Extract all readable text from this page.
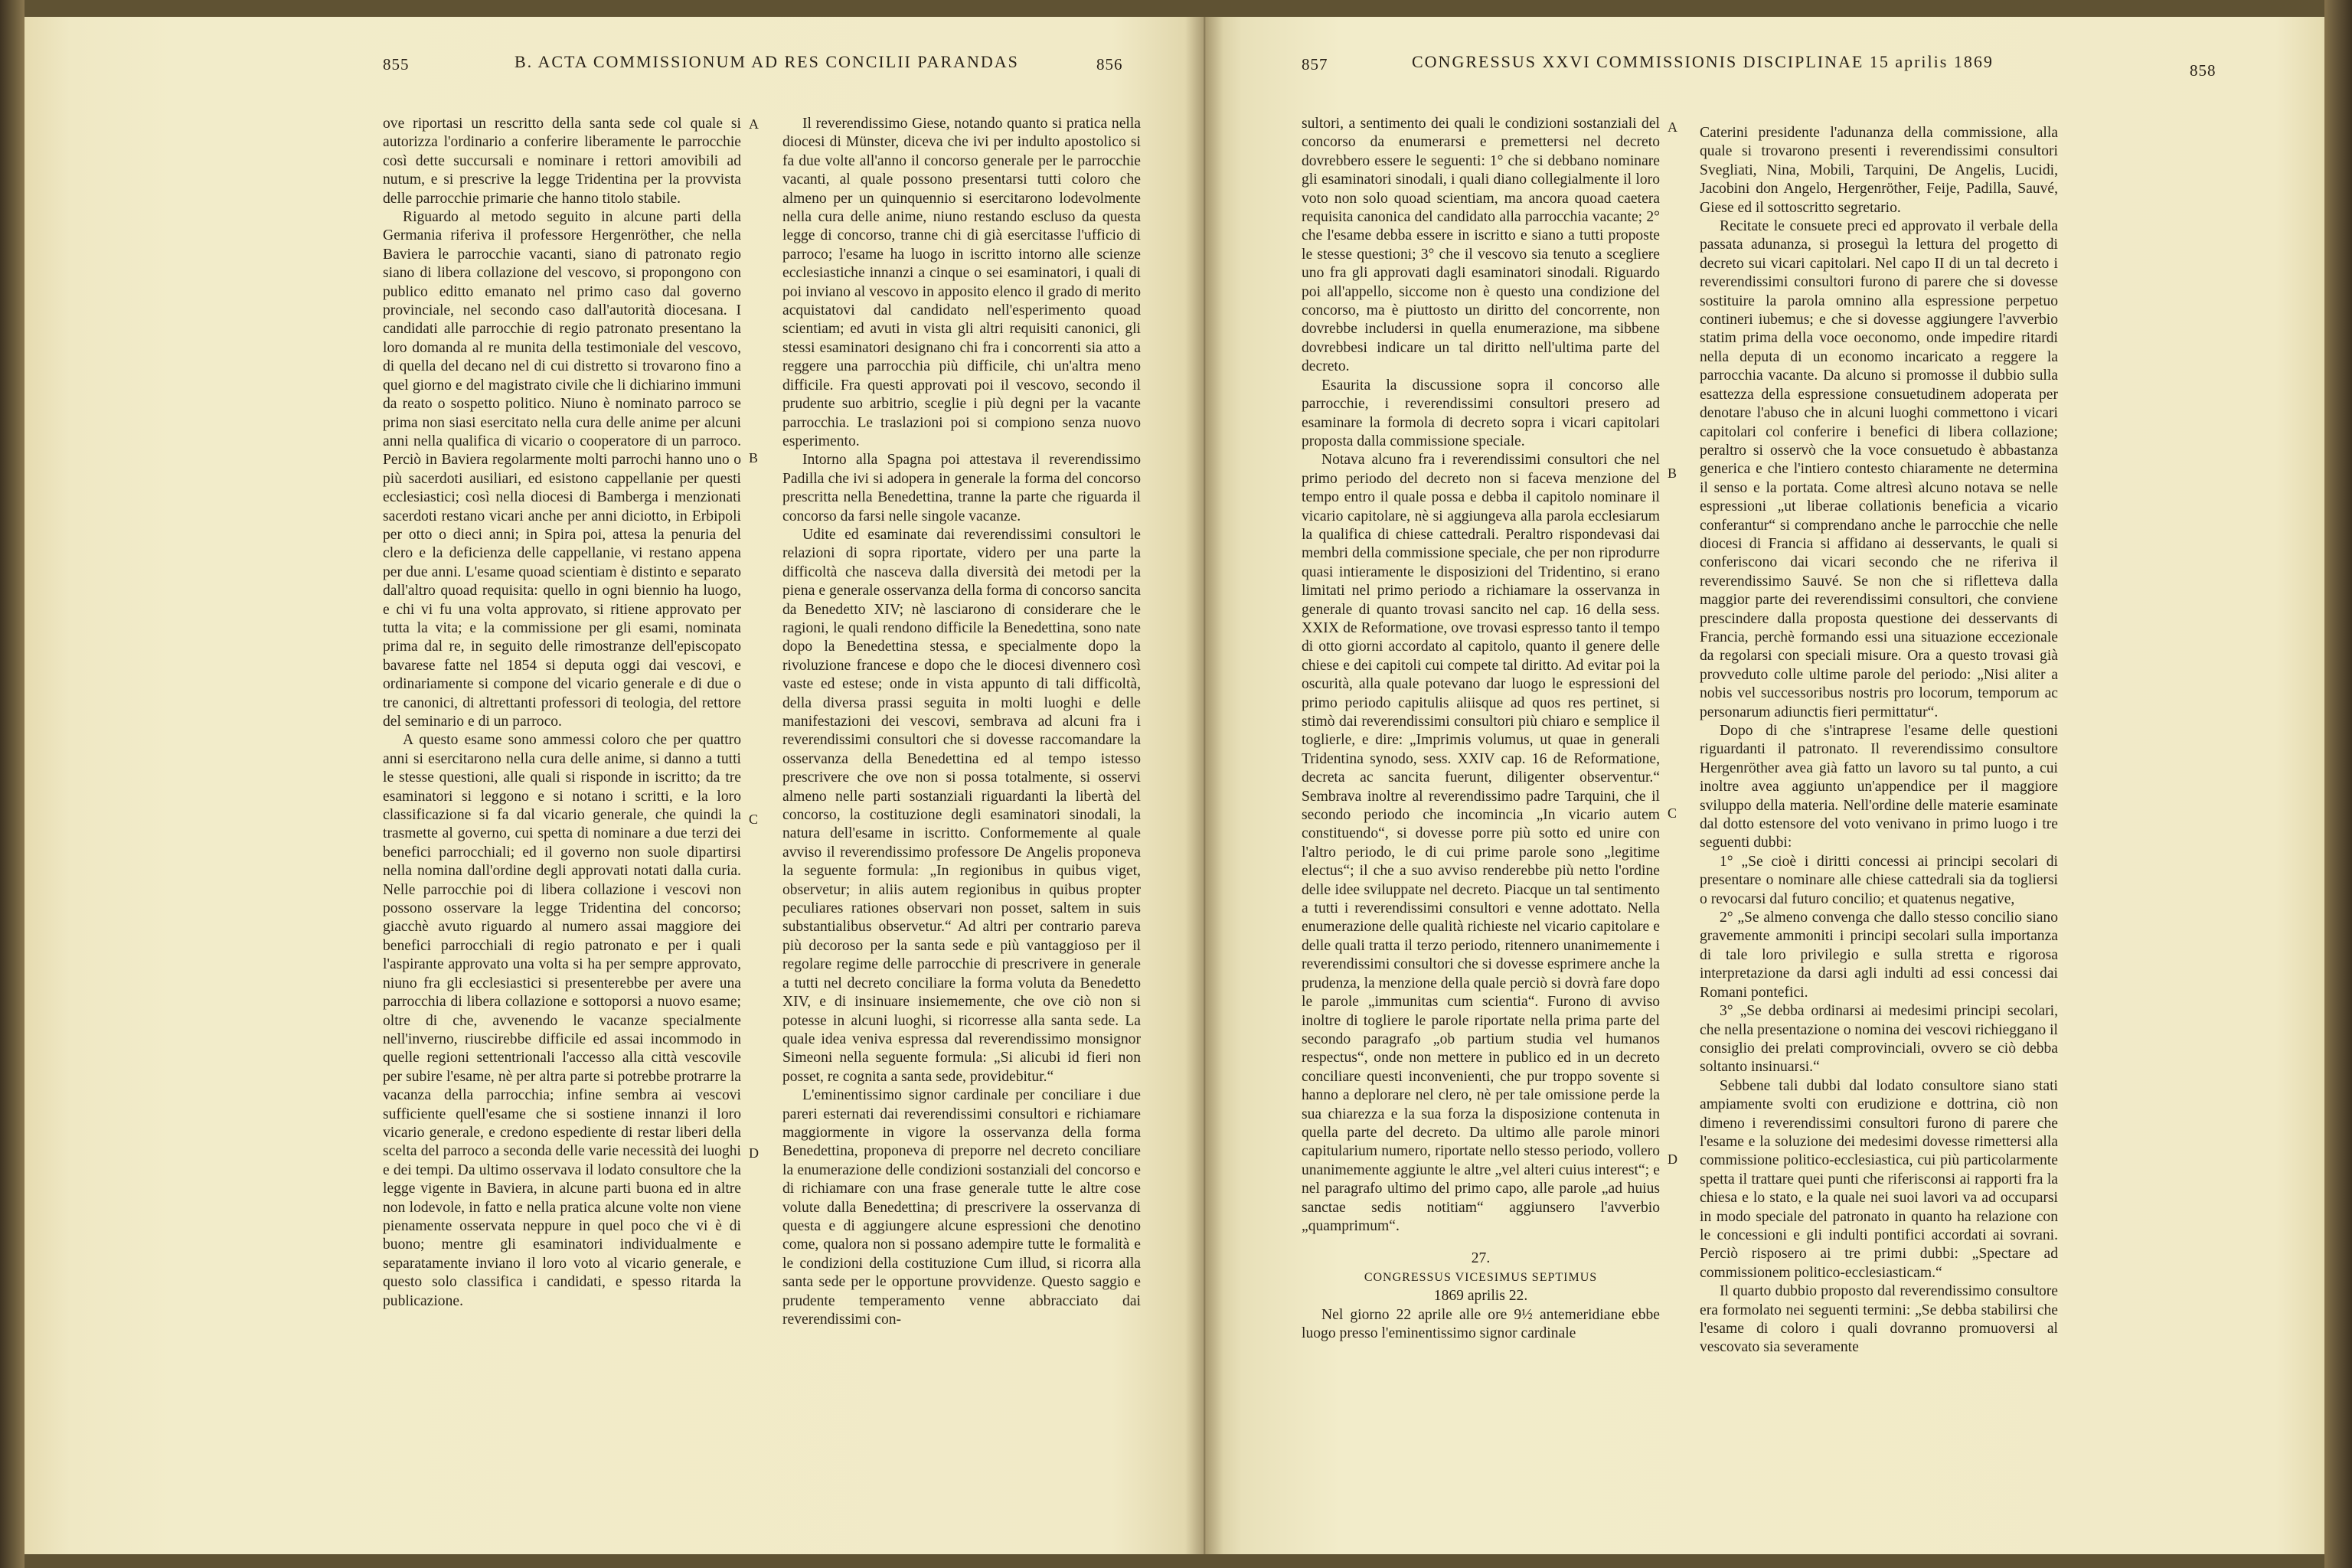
855	B. ACTA COMMISSIONUM AD RES CONCILII PARANDAS	856

ove riportasi un rescritto della santa sede col quale si autorizza l'ordinario a conferire liberamente le parrocchie così dette succursali e nominare i rettori amovibili ad nutum, e si prescrive la legge Tridentina per la provvista delle parrocchie primarie che hanno titolo stabile.

Riguardo al metodo seguito in alcune parti della Germania riferiva il professore Hergenröther, che nella Baviera le parrocchie vacanti, siano di patronato regio siano di libera collazione del vescovo, si propongono con publico editto emanato nel primo caso dal governo provinciale, nel secondo caso dall'autorità diocesana. I candidati alle parrocchie di regio patronato presentano la loro domanda al re munita della testimoniale del vescovo, di quella del decano nel di cui distretto si trovarono fino a quel giorno e del magistrato civile che li dichiarino immuni da reato o sospetto politico. Niuno è nominato parroco se prima non siasi esercitato nella cura delle anime per alcuni anni nella qualifica di vicario o cooperatore di un parroco. Perciò in Baviera regolarmente molti parrochi hanno uno o più sacerdoti ausiliari, ed esistono cappellanie per questi ecclesiastici; così nella diocesi di Bamberga i menzionati sacerdoti restano vicari anche per anni diciotto, in Erbipoli per otto o dieci anni; in Spira poi, attesa la penuria del clero e la deficienza delle cappellanie, vi restano appena per due anni. L'esame quoad scientiam è distinto e separato dall'altro quoad requisita: quello in ogni biennio ha luogo, e chi vi fu una volta approvato, si ritiene approvato per tutta la vita; e la commissione per gli esami, nominata prima dal re, in seguito delle rimostranze dell'episcopato bavarese fatte nel 1854 si deputa oggi dai vescovi, e ordinariamente si compone del vicario generale e di due o tre canonici, di altrettanti professori di teologia, del rettore del seminario e di un parroco.

A questo esame sono ammessi coloro che per quattro anni si esercitarono nella cura delle anime, si danno a tutti le stesse questioni, alle quali si risponde in iscritto; da tre esaminatori si leggono e si notano i scritti, e la loro classificazione si fa dal vicario generale, che quindi la trasmette al governo, cui spetta di nominare a due terzi dei benefici parrocchiali; ed il governo non suole dipartirsi nella nomina dall'ordine degli approvati notati dalla curia. Nelle parrocchie poi di libera collazione i vescovi non possono osservare la legge Tridentina del concorso; giacchè avuto riguardo al numero assai maggiore dei benefici parrocchiali di regio patronato e per i quali l'aspirante approvato una volta si ha per sempre approvato, niuno fra gli ecclesiastici si presenterebbe per avere una parrocchia di libera collazione e sottoporsi a nuovo esame; oltre di che, avvenendo le vacanze specialmente nell'inverno, riuscirebbe difficile ed assai incommodo in quelle regioni settentrionali l'accesso alla città vescovile per subire l'esame, nè per altra parte si potrebbe protrarre la vacanza della parrocchia; infine sembra ai vescovi sufficiente quell'esame che si sostiene innanzi il loro vicario generale, e credono espediente di restar liberi della scelta del parroco a seconda delle varie necessità dei luoghi e dei tempi. Da ultimo osservava il lodato consultore che la legge vigente in Baviera, in alcune parti buona ed in altre non lodevole, in fatto e nella pratica alcune volte non viene pienamente osservata neppure in quel poco che vi è di buono; mentre gli esaminatori individualmente e separatamente inviano il loro voto al vicario generale, e questo solo classifica i candidati, e spesso ritarda la publicazione.

Il reverendissimo Giese, notando quanto si pratica nella diocesi di Münster, diceva che ivi per indulto apostolico si fa due volte all'anno il concorso generale per le parrocchie vacanti, al quale possono presentarsi tutti coloro che almeno per un quinquennio si esercitarono lodevolmente nella cura delle anime, niuno restando escluso da questa legge di concorso, tranne chi di già esercitasse l'ufficio di parroco; l'esame ha luogo in iscritto intorno alle scienze ecclesiastiche innanzi a cinque o sei esaminatori, i quali di poi inviano al vescovo in apposito elenco il grado di merito acquistatovi dal candidato nell'esperimento quoad scientiam; ed avuti in vista gli altri requisiti canonici, gli stessi esaminatori designano chi fra i concorrenti sia atto a reggere una parrocchia più difficile, chi un'altra meno difficile. Fra questi approvati poi il vescovo, secondo il prudente suo arbitrio, sceglie i più degni per la vacante parrocchia. Le traslazioni poi si compiono senza nuovo esperimento.

Intorno alla Spagna poi attestava il reverendissimo Padilla che ivi si adopera in generale la forma del concorso prescritta nella Benedettina, tranne la parte che riguarda il concorso da farsi nelle singole vacanze.

Udite ed esaminate dai reverendissimi consultori le relazioni di sopra riportate, videro per una parte la difficoltà che nasceva dalla diversità dei metodi per la piena e generale osservanza della forma di concorso sancita da Benedetto XIV; nè lasciarono di considerare che le ragioni, le quali rendono difficile la Benedettina, sono nate dopo la Benedettina stessa, e specialmente dopo la rivoluzione francese e dopo che le diocesi divennero così vaste ed estese; onde in vista appunto di tali difficoltà, della diversa prassi seguita in molti luoghi e delle manifestazioni dei vescovi, sembrava ad alcuni fra i reverendissimi consultori che si dovesse raccomandare la osservanza della Benedettina ed al tempo istesso prescrivere che ove non si possa totalmente, si osservi almeno nelle parti sostanziali riguardanti la libertà del concorso, la costituzione degli esaminatori sinodali, la natura dell'esame in iscritto. Conformemente al quale avviso il reverendissimo professore De Angelis proponeva la seguente formula: „In regionibus in quibus viget, observetur; in aliis autem regionibus in quibus propter peculiares rationes observari non posset, saltem in suis substantialibus observetur.“ Ad altri per contrario pareva più decoroso per la santa sede e più vantaggioso per il regolare regime delle parrocchie di prescrivere in generale a tutti nel decreto conciliare la forma voluta da Benedetto XIV, e di insinuare insiememente, che ove ciò non si potesse in alcuni luoghi, si ricorresse alla santa sede. La quale idea veniva espressa dal reverendissimo monsignor Simeoni nella seguente formula: „Si alicubi id fieri non posset, re cognita a santa sede, providebitur.“

L'eminentissimo signor cardinale per conciliare i due pareri esternati dai reverendissimi consultori e richiamare maggiormente in vigore la osservanza della forma Benedettina, proponeva di preporre nel decreto conciliare la enumerazione delle condizioni sostanziali del concorso e di richiamare con una frase generale tutte le altre cose volute dalla Benedettina; di prescrivere la osservanza di questa e di aggiungere alcune espressioni che denotino come, qualora non si possano adempire tutte le formalità e le condizioni della costituzione Cum illud, si ricorra alla santa sede per le opportune provvidenze. Questo saggio e prudente temperamento venne abbracciato dai reverendissimi con-

A
B
C
D
857	CONGRESSUS XXVI COMMISSIONIS DISCIPLINAE 15 aprilis 1869	858

sultori, a sentimento dei quali le condizioni sostanziali del concorso da enumerarsi e premettersi nel decreto dovrebbero essere le seguenti: 1° che si debbano nominare gli esaminatori sinodali, i quali diano collegialmente il loro voto non solo quoad scientiam, ma ancora quoad caetera requisita canonica del candidato alla parrocchia vacante; 2° che l'esame debba essere in iscritto e siano a tutti proposte le stesse questioni; 3° che il vescovo sia tenuto a scegliere uno fra gli approvati dagli esaminatori sinodali. Riguardo poi all'appello, siccome non è questo una condizione del concorso, ma è piuttosto un diritto del concorrente, non dovrebbe includersi in quella enumerazione, ma sibbene dovrebbesi indicare un tal diritto nell'ultima parte del decreto.

Esaurita la discussione sopra il concorso alle parrocchie, i reverendissimi consultori presero ad esaminare la formola di decreto sopra i vicari capitolari proposta dalla commissione speciale.

Notava alcuno fra i reverendissimi consultori che nel primo periodo del decreto non si faceva menzione del tempo entro il quale possa e debba il capitolo nominare il vicario capitolare, nè si aggiungeva alla parola ecclesiarum la qualifica di chiese cattedrali. Peraltro rispondevasi dai membri della commissione speciale, che per non riprodurre quasi intieramente le disposizioni del Tridentino, si erano limitati nel primo periodo a richiamare la osservanza in generale di quanto trovasi sancito nel cap. 16 della sess. XXIX de Reformatione, ove trovasi espresso tanto il tempo di otto giorni accordato al capitolo, quanto il genere delle chiese e dei capitoli cui compete tal diritto. Ad evitar poi la oscurità, alla quale potevano dar luogo le espressioni del primo periodo capitulis aliisque ad quos res pertinet, si stimò dai reverendissimi consultori più chiaro e semplice il toglierle, e dire: „Imprimis volumus, ut quae in generali Tridentina synodo, sess. XXIV cap. 16 de Reformatione, decreta ac sancita fuerunt, diligenter observentur.“ Sembrava inoltre al reverendissimo padre Tarquini, che il secondo periodo che incomincia „In vicario autem constituendo“, si dovesse porre più sotto ed unire con l'altro periodo, le di cui prime parole sono „legitime electus“; il che a suo avviso renderebbe più netto l'ordine delle idee sviluppate nel decreto. Piacque un tal sentimento a tutti i reverendissimi consultori e venne adottato. Nella enumerazione delle qualità richieste nel vicario capitolare e delle quali tratta il terzo periodo, ritennero unanimemente i reverendissimi consultori che si dovesse esprimere anche la prudenza, la menzione della quale perciò si dovrà fare dopo le parole „immunitas cum scientia“. Furono di avviso inoltre di togliere le parole riportate nella prima parte del secondo paragrafo „ob partium studia vel humanos respectus“, onde non mettere in publico ed in un decreto conciliare questi inconvenienti, che pur troppo sovente si hanno a deplorare nel clero, nè per tale omissione perde la sua chiarezza e la sua forza la disposizione contenuta in quella parte del decreto. Da ultimo alle parole minori capitularium numero, riportate nello stesso periodo, vollero unanimemente aggiunte le altre „vel alteri cuius interest“; e nel paragrafo ultimo del primo capo, alle parole „ad huius sanctae sedis notitiam“ aggiunsero l'avverbio „quamprimum“.

27.

CONGRESSUS VICESIMUS SEPTIMUS

1869 aprilis 22.

Nel giorno 22 aprile alle ore 9½ antemeridiane ebbe luogo presso l'eminentissimo signor cardinale

Caterini presidente l'adunanza della commissione, alla quale si trovarono presenti i reverendissimi consultori Svegliati, Nina, Mobili, Tarquini, De Angelis, Lucidi, Jacobini don Angelo, Hergenröther, Feije, Padilla, Sauvé, Giese ed il sottoscritto segretario.

Recitate le consuete preci ed approvato il verbale della passata adunanza, si proseguì la lettura del progetto di decreto sui vicari capitolari. Nel capo II di un tal decreto i reverendissimi consultori furono di parere che si dovesse sostituire la parola omnino alla espressione perpetuo contineri iubemus; e che si dovesse aggiungere l'avverbio statim prima della voce oeconomo, onde impedire ritardi nella deputa di un economo incaricato a reggere la parrocchia vacante. Da alcuno si promosse il dubbio sulla esattezza della espressione consuetudinem adoperata per denotare l'abuso che in alcuni luoghi commettono i vicari capitolari col conferire i benefici di libera collazione; peraltro si osservò che la voce consuetudo è abbastanza generica e che l'intiero contesto chiaramente ne determina il senso e la portata. Come altresì alcuno notava se nelle espressioni „ut liberae collationis beneficia a vicario conferantur“ si comprendano anche le parrocchie che nelle diocesi di Francia si affidano ai desservants, le quali si conferiscono dai vicari secondo che ne riferiva il reverendissimo Sauvé. Se non che si rifletteva dalla maggior parte dei reverendissimi consultori, che conviene prescindere dalla proposta questione dei desservants di Francia, perchè formando essi una situazione eccezionale da regolarsi con speciali misure. Ora a questo trovasi già provveduto colle ultime parole del periodo: „Nisi aliter a nobis vel successoribus nostris pro locorum, temporum ac personarum adiunctis fieri permittatur“.

Dopo di che s'intraprese l'esame delle questioni riguardanti il patronato. Il reverendissimo consultore Hergenröther avea già fatto un lavoro su tal punto, a cui inoltre avea aggiunto un'appendice per il maggiore sviluppo della materia. Nell'ordine delle materie esaminate dal dotto estensore del voto venivano in primo luogo i tre seguenti dubbi:

1° „Se cioè i diritti concessi ai principi secolari di presentare o nominare alle chiese cattedrali sia da togliersi o revocarsi dal futuro concilio; et quatenus negative,

2° „Se almeno convenga che dallo stesso concilio siano gravemente ammoniti i principi secolari sulla importanza di tale loro privilegio e sulla stretta e rigorosa interpretazione da darsi agli indulti ad essi concessi dai Romani pontefici.

3° „Se debba ordinarsi ai medesimi principi secolari, che nella presentazione o nomina dei vescovi richieggano il consiglio dei prelati comprovinciali, ovvero se ciò debba soltanto insinuarsi.“

Sebbene tali dubbi dal lodato consultore siano stati ampiamente svolti con erudizione e dottrina, ciò non dimeno i reverendissimi consultori furono di parere che l'esame e la soluzione dei medesimi dovesse rimettersi alla commissione politico-ecclesiastica, cui più particolarmente spetta il trattare quei punti che riferisconsi ai rapporti fra la chiesa e lo stato, e la quale nei suoi lavori va ad occuparsi in modo speciale del patronato in quanto ha relazione con le concessioni e gli indulti pontifici accordati ai sovrani. Perciò risposero ai tre primi dubbi: „Spectare ad commissionem politico-ecclesiasticam.“

Il quarto dubbio proposto dal reverendissimo consultore era formolato nei seguenti termini: „Se debba stabilirsi che l'esame di coloro i quali dovranno promuoversi al vescovato sia severamente

A
B
C
D
